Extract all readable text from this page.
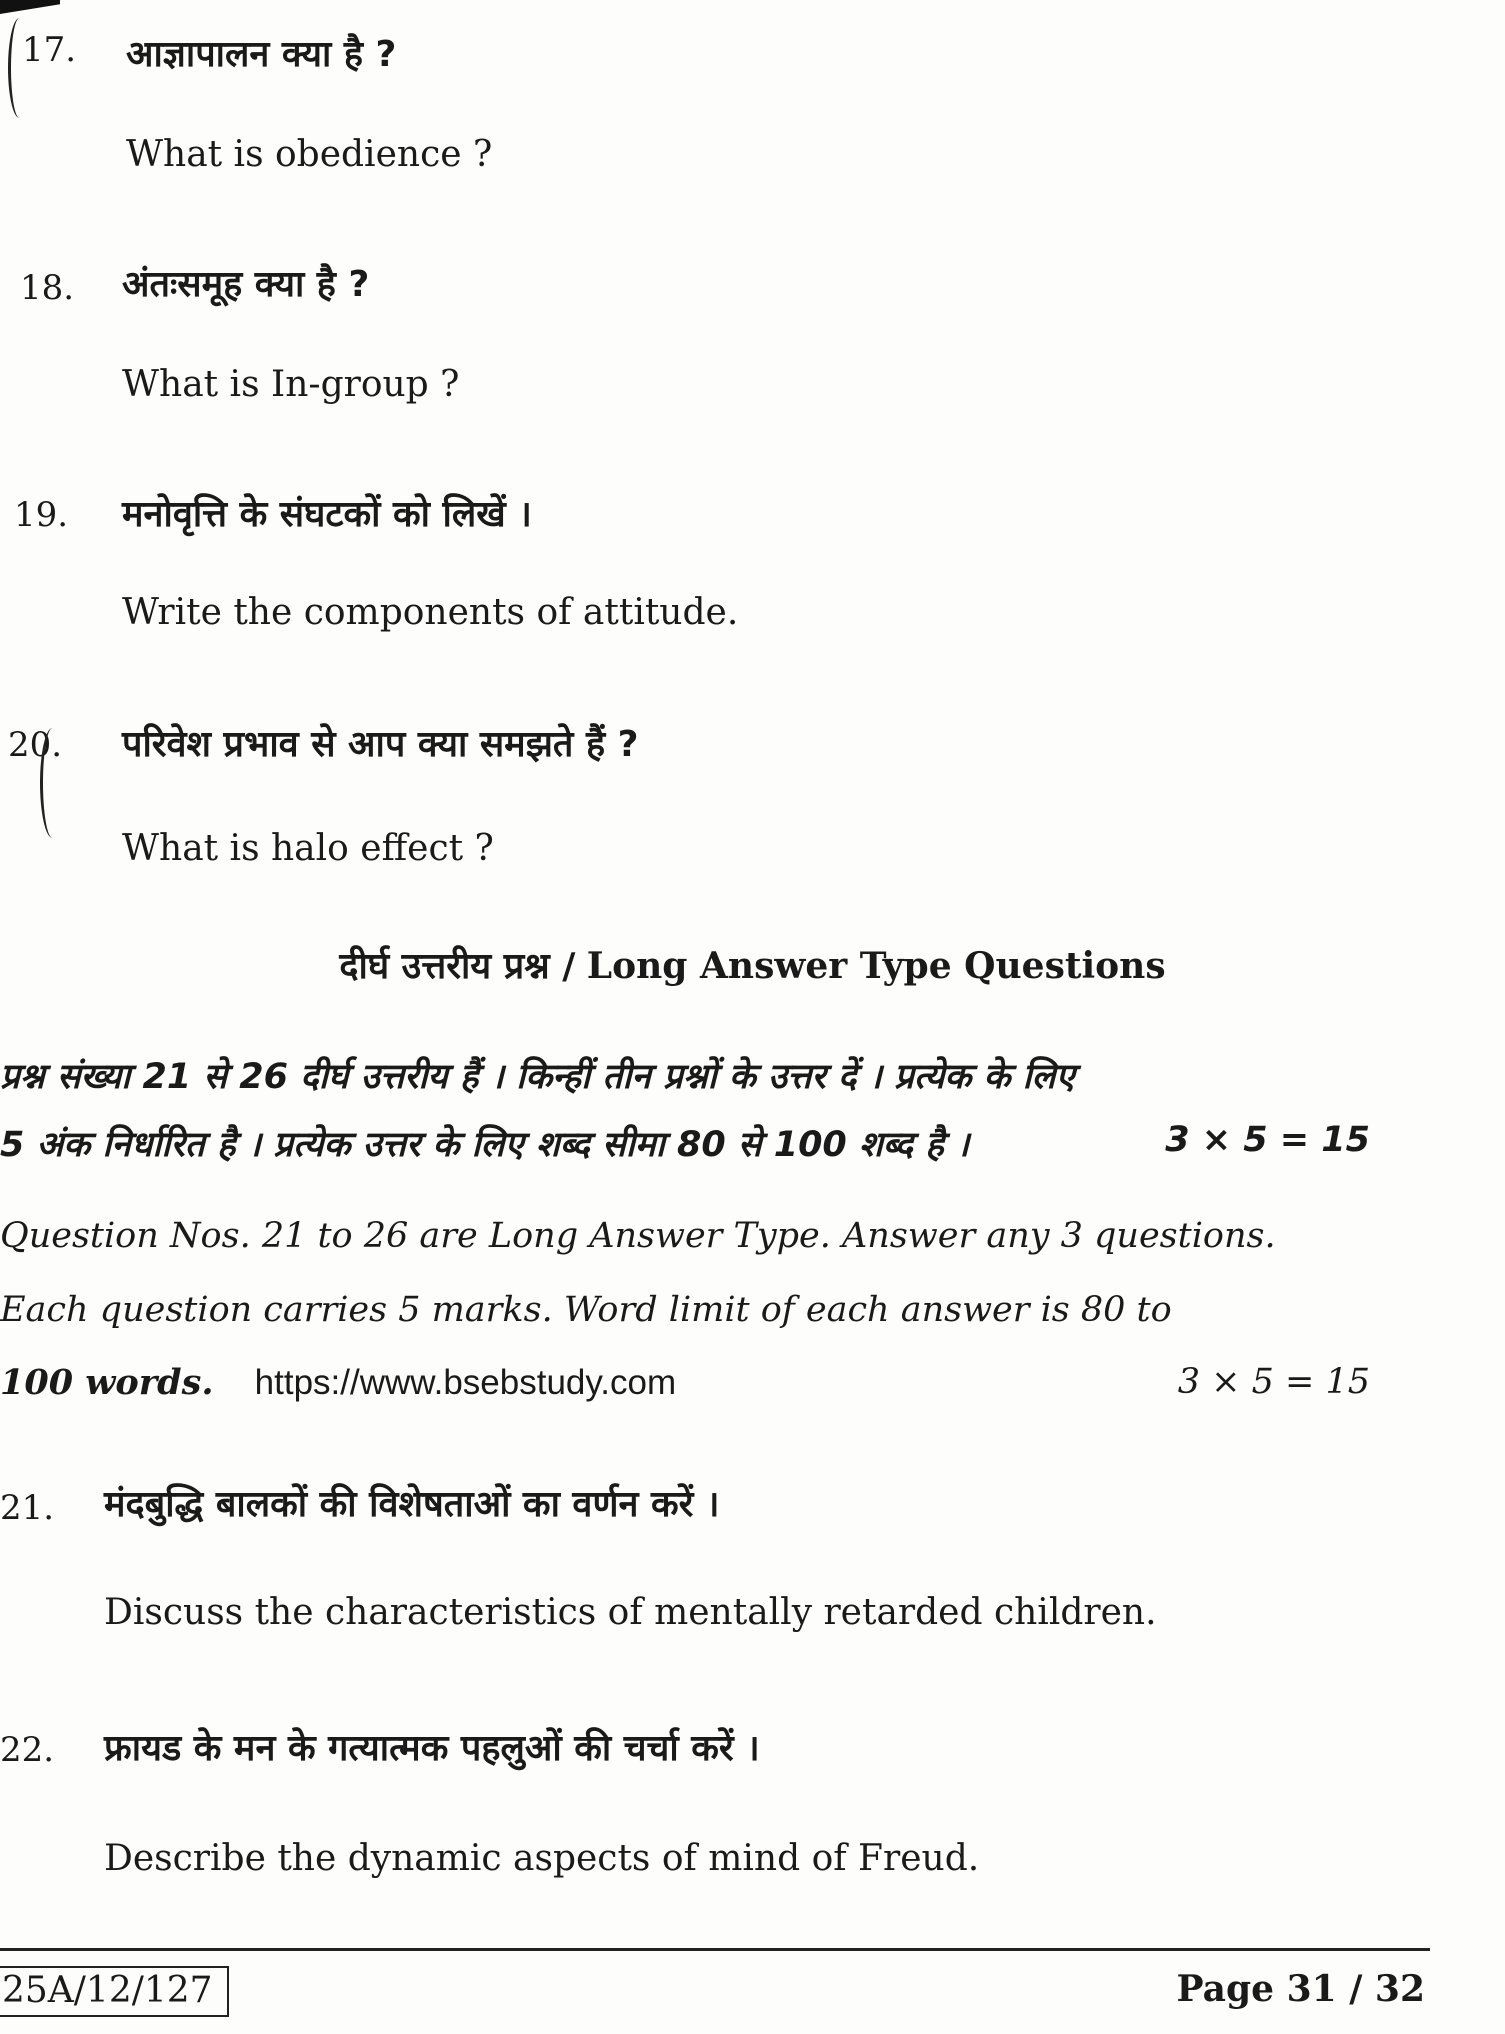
17. आज्ञापालन क्या है ?
What is obedience ?
18. अंतःसमूह क्या है ?
What is In-group ?
19. मनोवृत्ति के संघटकों को लिखें ।
Write the components of attitude.
20. परिवेश प्रभाव से आप क्या समझते हैं ?
What is halo effect ?
दीर्घ उत्तरीय प्रश्न / Long Answer Type Questions
प्रश्न संख्या 21 से 26 दीर्घ उत्तरीय हैं । किन्हीं तीन प्रश्नों के उत्तर दें । प्रत्येक के लिए
5 अंक निर्धारित है । प्रत्येक उत्तर के लिए शब्द सीमा 80 से 100 शब्द है ।	3 × 5 = 15
Question Nos. 21 to 26 are Long Answer Type. Answer any 3 questions.
Each question carries 5 marks. Word limit of each answer is 80 to
100 words. https://www.bsebstudy.com	3 × 5 = 15
21. मंदबुद्धि बालकों की विशेषताओं का वर्णन करें ।
Discuss the characteristics of mentally retarded children.
22. फ्रायड के मन के गत्यात्मक पहलुओं की चर्चा करें ।
Describe the dynamic aspects of mind of Freud.
25A/12/127	Page 31 / 32
